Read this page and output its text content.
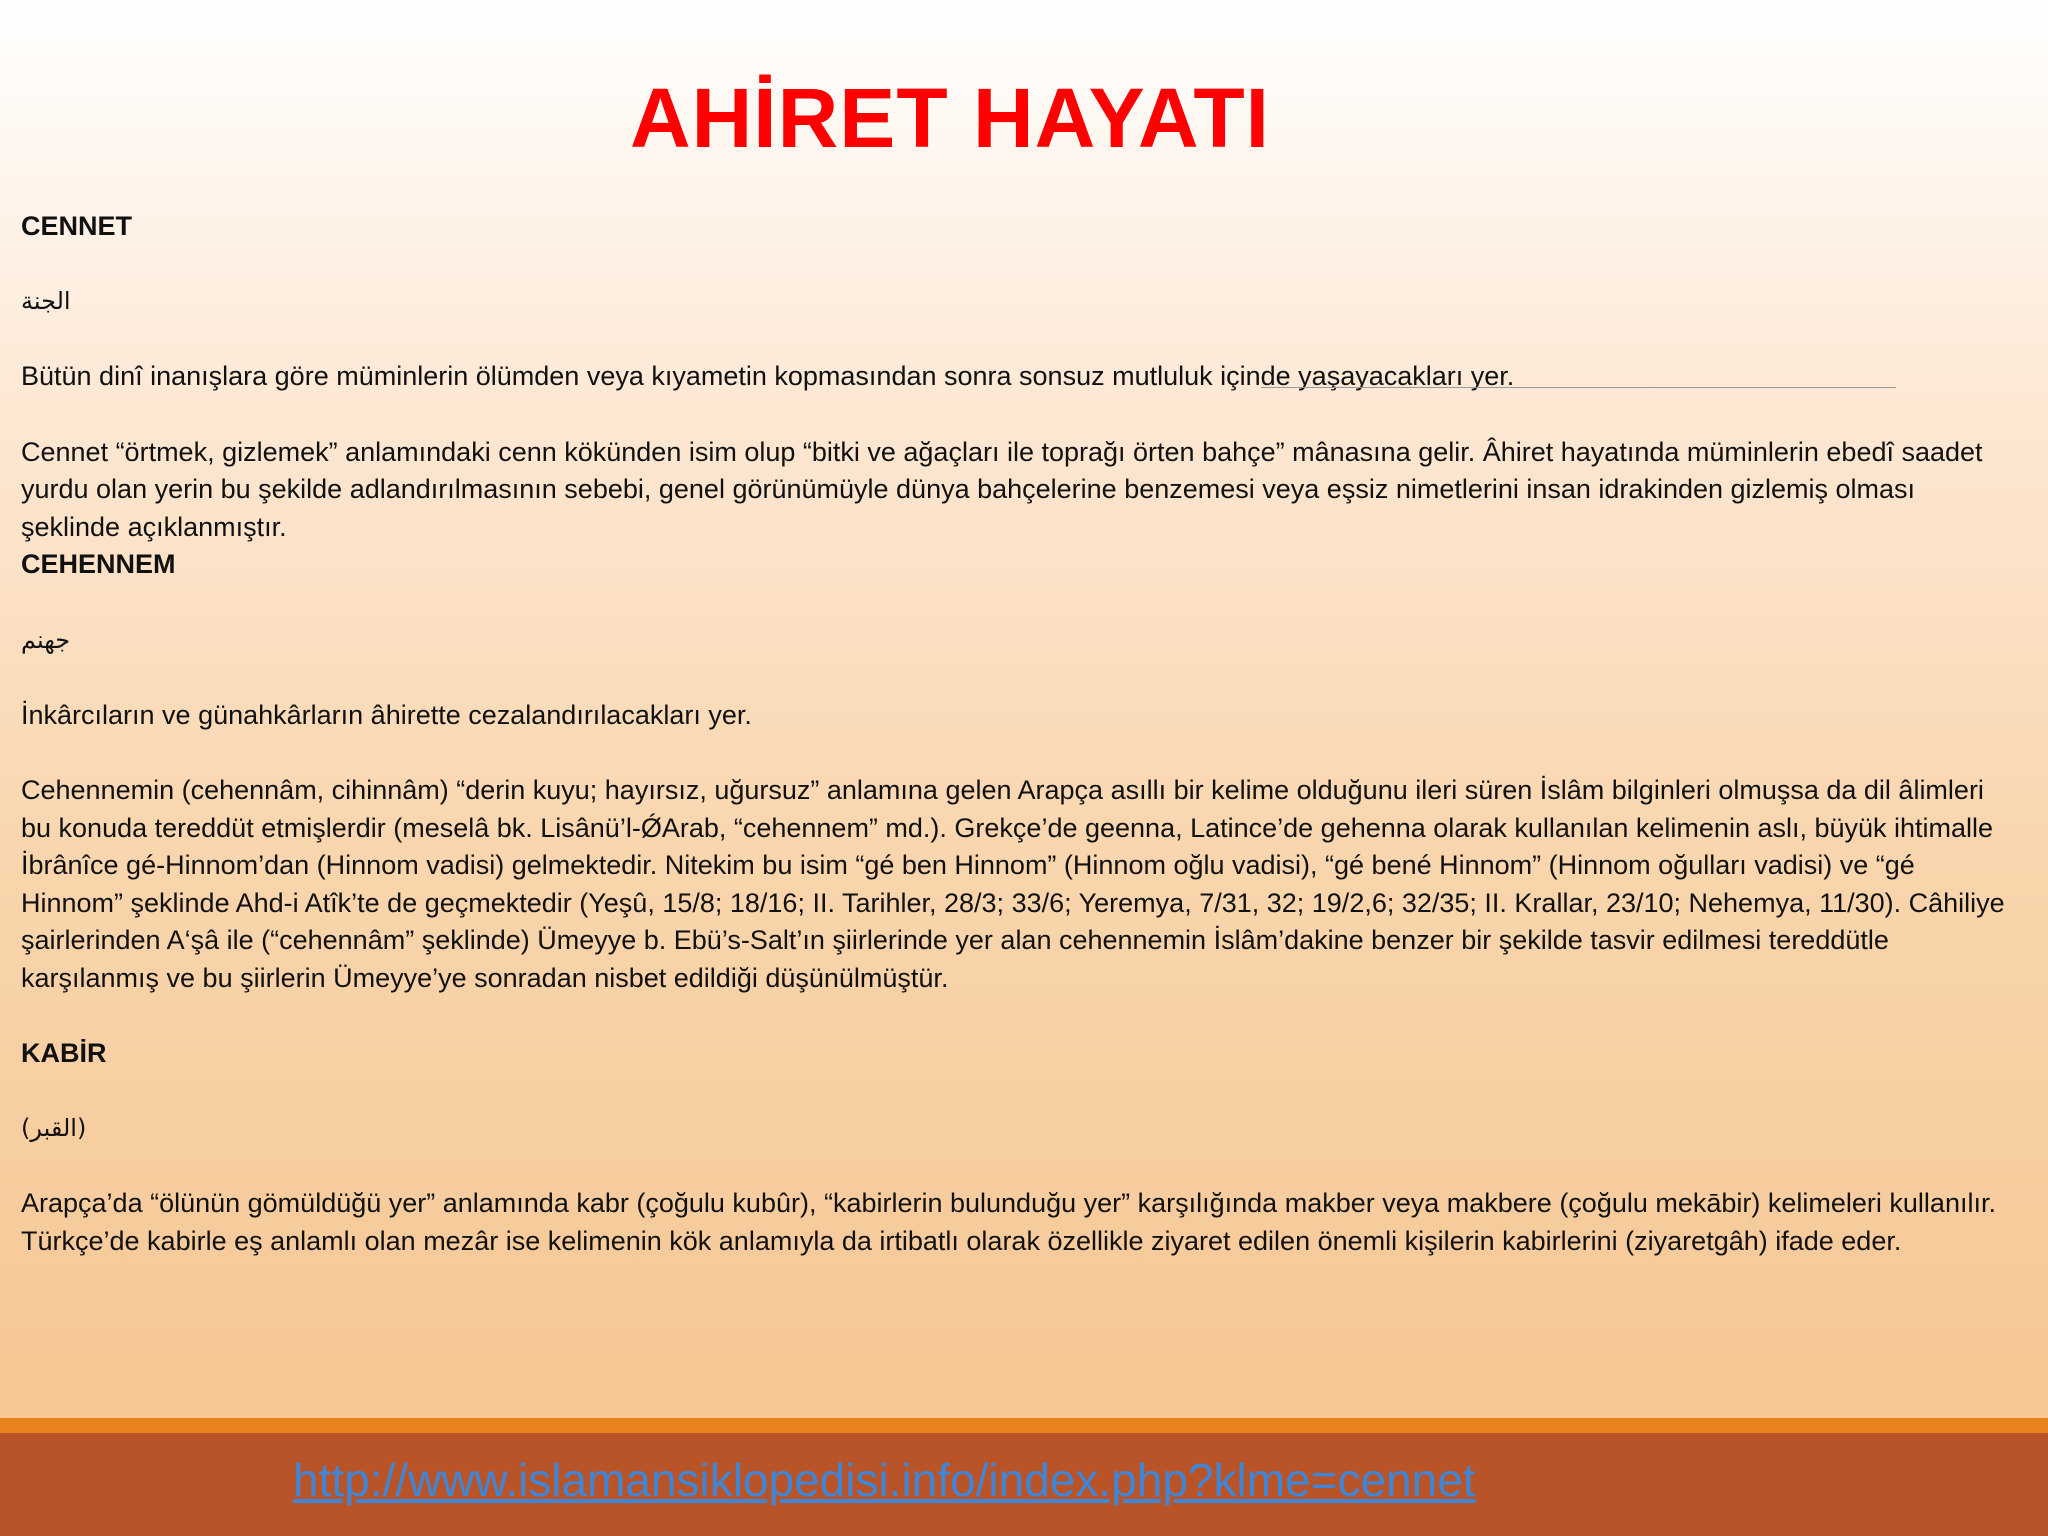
AHİRET HAYATI

CENNET

الجنة

Bütün dinî inanışlara göre müminlerin ölümden veya kıyametin kopmasından sonra sonsuz mutluluk içinde yaşayacakları yer.

Cennet “örtmek, gizlemek” anlamındaki cenn kökünden isim olup “bitki ve ağaçları ile toprağı örten bahçe” mânasına gelir. Âhiret hayatında müminlerin ebedî saadet yurdu olan yerin bu şekilde adlandırılmasının sebebi, genel görünümüyle dünya bahçelerine benzemesi veya eşsiz nimetlerini insan idrakinden gizlemiş olması şeklinde açıklanmıştır.

CEHENNEM

جهنم

İnkârcıların ve günahkârların âhirette cezalandırılacakları yer.

Cehennemin (cehennâm, cihinnâm) “derin kuyu; hayırsız, uğursuz” anlamına gelen Arapça asıllı bir kelime olduğunu ileri süren İslâm bilginleri olmuşsa da dil âlimleri bu konuda tereddüt etmişlerdir (meselâ bk. Lisânü’l-ǾArab, “cehennem” md.). Grekçe’de geenna, Latince’de gehenna olarak kullanılan kelimenin aslı, büyük ihtimalle İbrânîce gé-Hinnom’dan (Hinnom vadisi) gelmektedir. Nitekim bu isim “gé ben Hinnom” (Hinnom oğlu vadisi), “gé bené Hinnom” (Hinnom oğulları vadisi) ve “gé Hinnom” şeklinde Ahd-i Atîk’te de geçmektedir (Yeşû, 15/8; 18/16; II. Tarihler, 28/3; 33/6; Yeremya, 7/31, 32; 19/2,6; 32/35; II. Krallar, 23/10; Nehemya, 11/30). Câhiliye şairlerinden A‘şâ ile (“cehennâm” şeklinde) Ümeyye b. Ebü’s-Salt’ın şiirlerinde yer alan cehennemin İslâm’dakine benzer bir şekilde tasvir edilmesi tereddütle karşılanmış ve bu şiirlerin Ümeyye’ye sonradan nisbet edildiği düşünülmüştür.

KABİR

(القبر)

Arapça’da “ölünün gömüldüğü yer” anlamında kabr (çoğulu kubûr), “kabirlerin bulunduğu yer” karşılığında makber veya makbere (çoğulu mekābir) kelimeleri kullanılır. Türkçe’de kabirle eş anlamlı olan mezâr ise kelimenin kök anlamıyla da irtibatlı olarak özellikle ziyaret edilen önemli kişilerin kabirlerini (ziyaretgâh) ifade eder.

http://www.islamansiklopedisi.info/index.php?klme=cennet
